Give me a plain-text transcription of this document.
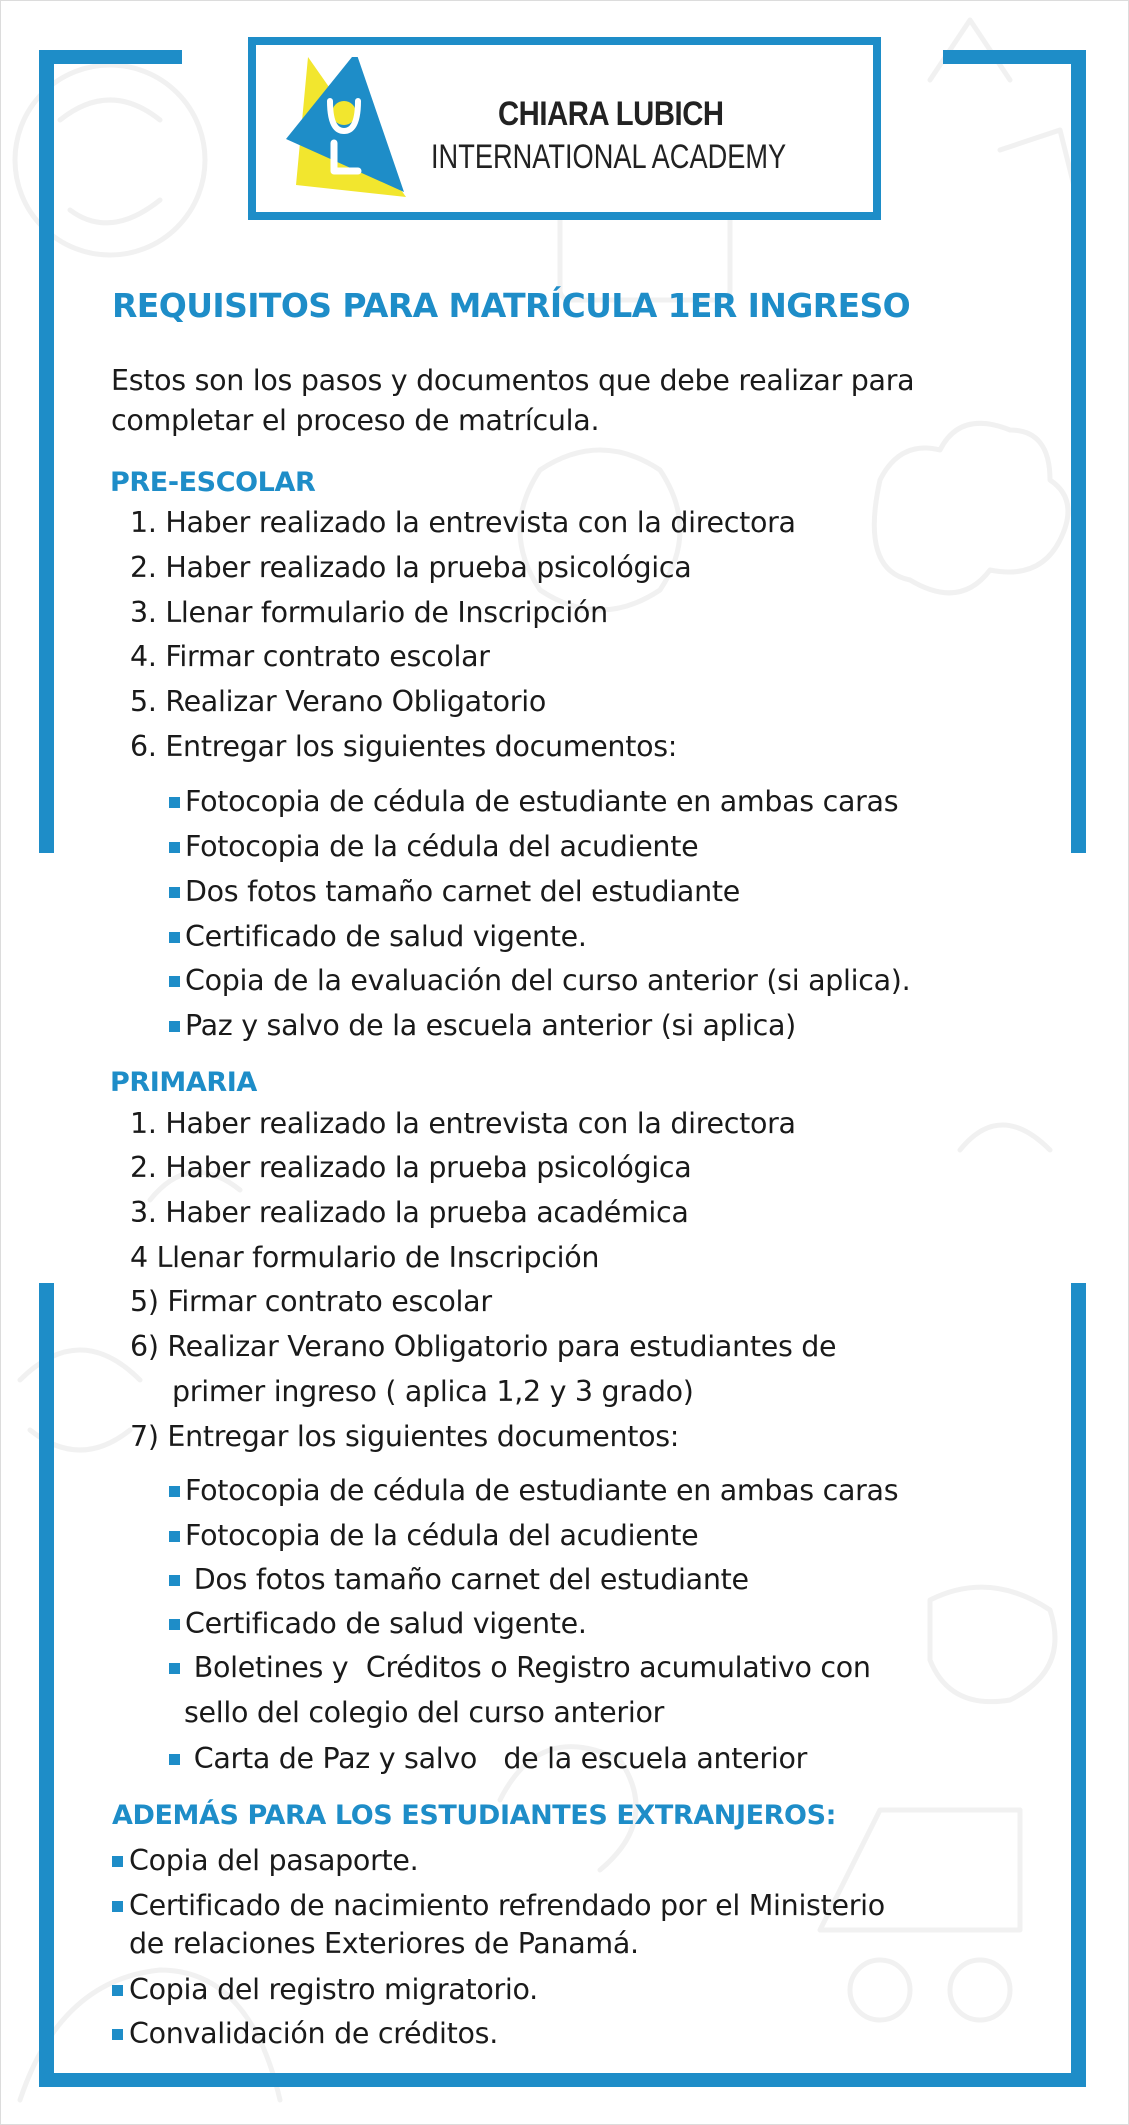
CHIARA LUBICH
INTERNATIONAL ACADEMY
REQUISITOS PARA MATRÍCULA 1ER INGRESO
Estos son los pasos y documentos que debe realizar para
completar el proceso de matrícula.
PRE-ESCOLAR
1. Haber realizado la entrevista con la directora
2. Haber realizado la prueba psicológica
3. Llenar formulario de Inscripción
4. Firmar contrato escolar
5. Realizar Verano Obligatorio
6. Entregar los siguientes documentos:
Fotocopia de cédula de estudiante en ambas caras
Fotocopia de la cédula del acudiente
Dos fotos tamaño carnet del estudiante
Certificado de salud vigente.
Copia de la evaluación del curso anterior (si aplica).
Paz y salvo de la escuela anterior (si aplica)
PRIMARIA
1. Haber realizado la entrevista con la directora
2. Haber realizado la prueba psicológica
3. Haber realizado la prueba académica
4 Llenar formulario de Inscripción
5) Firmar contrato escolar
6) Realizar Verano Obligatorio para estudiantes de
primer ingreso ( aplica 1,2 y 3 grado)
7) Entregar los siguientes documentos:
Fotocopia de cédula de estudiante en ambas caras
Fotocopia de la cédula del acudiente
Dos fotos tamaño carnet del estudiante
Certificado de salud vigente.
Boletines y  Créditos o Registro acumulativo con
sello del colegio del curso anterior
Carta de Paz y salvo   de la escuela anterior
ADEMÁS PARA LOS ESTUDIANTES EXTRANJEROS:
Copia del pasaporte.
Certificado de nacimiento refrendado por el Ministerio
de relaciones Exteriores de Panamá.
Copia del registro migratorio.
Convalidación de créditos.
